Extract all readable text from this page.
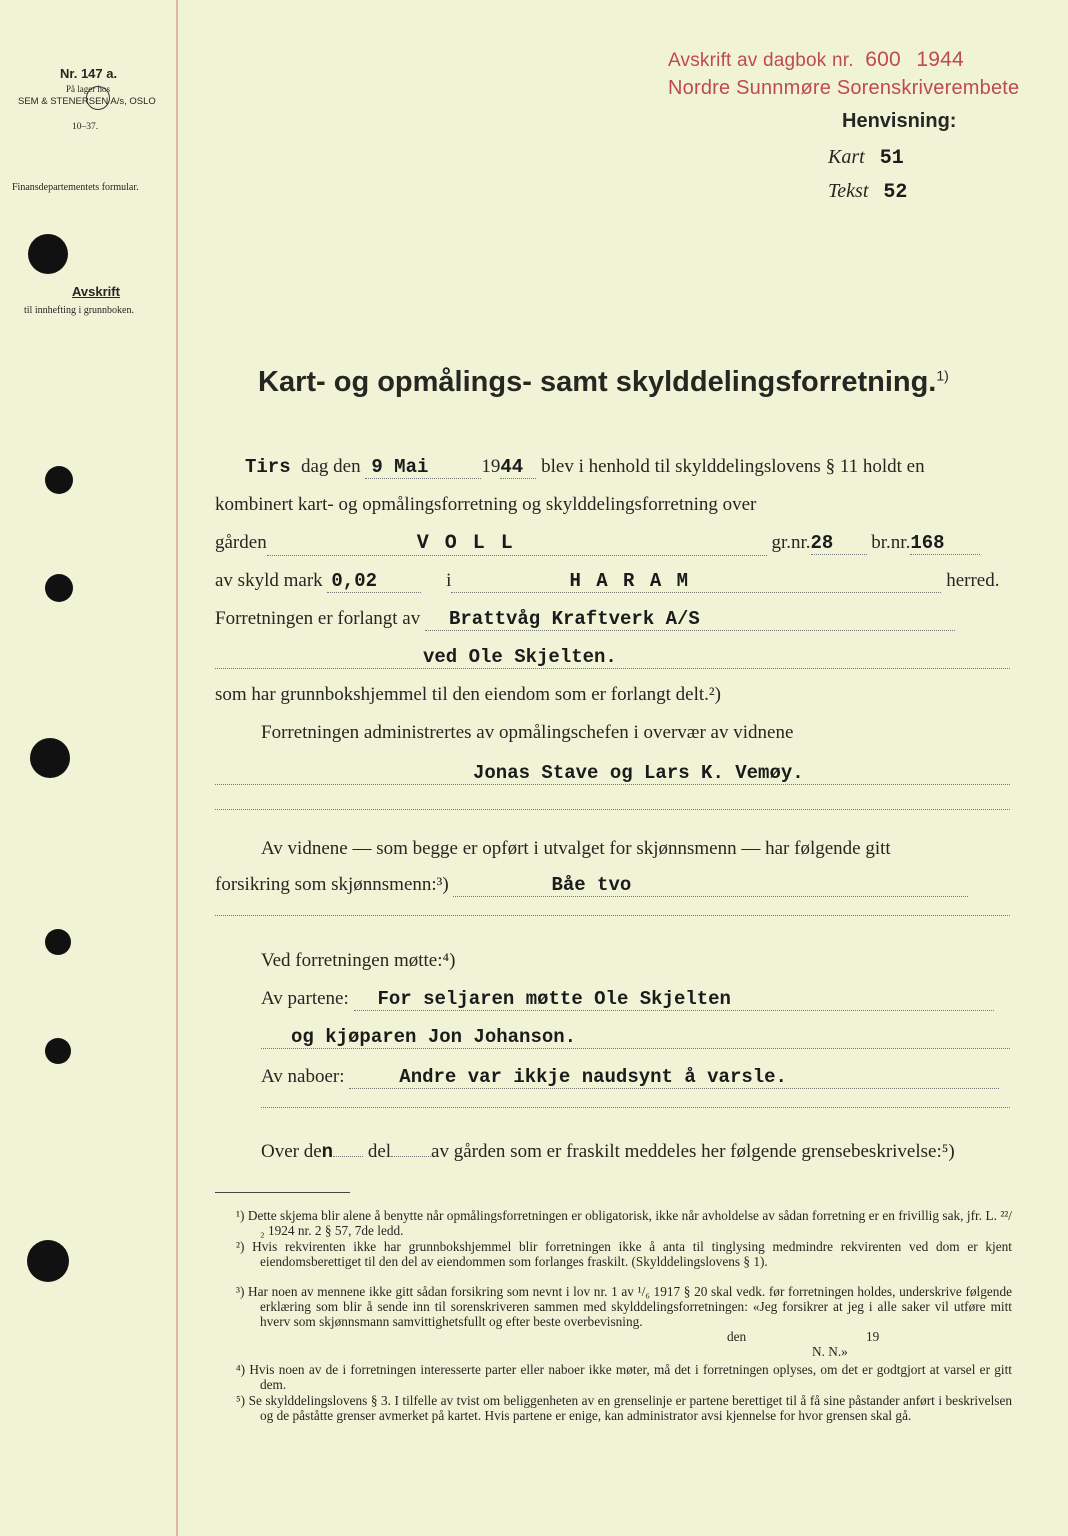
Nr. 147 a.
På lager hos
SEM & STENERSEN A/s, OSLO
10–37.
Finansdepartementets formular.
Avskrift
til innhefting i grunnboken.
Avskrift av dagbok nr. 600 1944
Nordre Sunnmøre Sorenskriverembete
Henvisning:
Kart 51
Tekst 52
Kart- og opmålings- samt skylddelingsforretning.$^{1)}$
Tirs dag den 9 Mai	1944 blev i henhold til skylddelingslovens § 11 holdt en
kombinert kart- og opmålingsforretning og skylddelingsforretning over
gården	V O L L	gr.nr.28 br.nr.168
av skyld mark 0,02	i	H A R A M	herred.
Forretningen er forlangt av Brattvåg Kraftverk A/S
ved Ole Skjelten.
som har grunnbokshjemmel til den eiendom som er forlangt delt.²)
Forretningen administrertes av opmålingschefen i overvær av vidnene
Jonas Stave og Lars K. Vemøy.
Av vidnene — som begge er opført i utvalget for skjønnsmenn — har følgende gitt
forsikring som skjønnsmenn:³)	Båe tvo
Ved forretningen møtte:⁴)
Av partene: For seljaren møtte Ole Skjelten
og kjøparen Jon Johanson.
Av naboer:	Andre var ikkje naudsynt å varsle.
Over den del av gården som er fraskilt meddeles her følgende grensebeskrivelse:⁵)
¹) Dette skjema blir alene å benytte når opmålingsforretningen er obligatorisk, ikke når avholdelse av sådan forretning er en frivillig sak, jfr. L. ²²/₂ 1924 nr. 2 § 57, 7de ledd.
²) Hvis rekvirenten ikke har grunnbokshjemmel blir forretningen ikke å anta til tinglysing medmindre rekvirenten ved dom er kjent eiendomsberettiget til den del av eiendommen som forlanges fraskilt. (Skylddelingslovens § 1).
³) Har noen av mennene ikke gitt sådan forsikring som nevnt i lov nr. 1 av ¹/₆ 1917 § 20 skal vedk. før forretningen holdes, underskrive følgende erklæring som blir å sende inn til sorenskriveren sammen med skylddelingsforretningen: «Jeg forsikrer at jeg i alle saker vil utføre mitt hverv som skjønnsmann samvittighetsfullt og efter beste overbevisning.
den	19
N. N.»
⁴) Hvis noen av de i forretningen interesserte parter eller naboer ikke møter, må det i forretningen oplyses, om det er godtgjort at varsel er gitt dem.
⁵) Se skylddelingslovens § 3. I tilfelle av tvist om beliggenheten av en grenselinje er partene berettiget til å få sine påstander anført i beskrivelsen og de påståtte grenser avmerket på kartet. Hvis partene er enige, kan administrator avsi kjennelse for hvor grensen skal gå.
